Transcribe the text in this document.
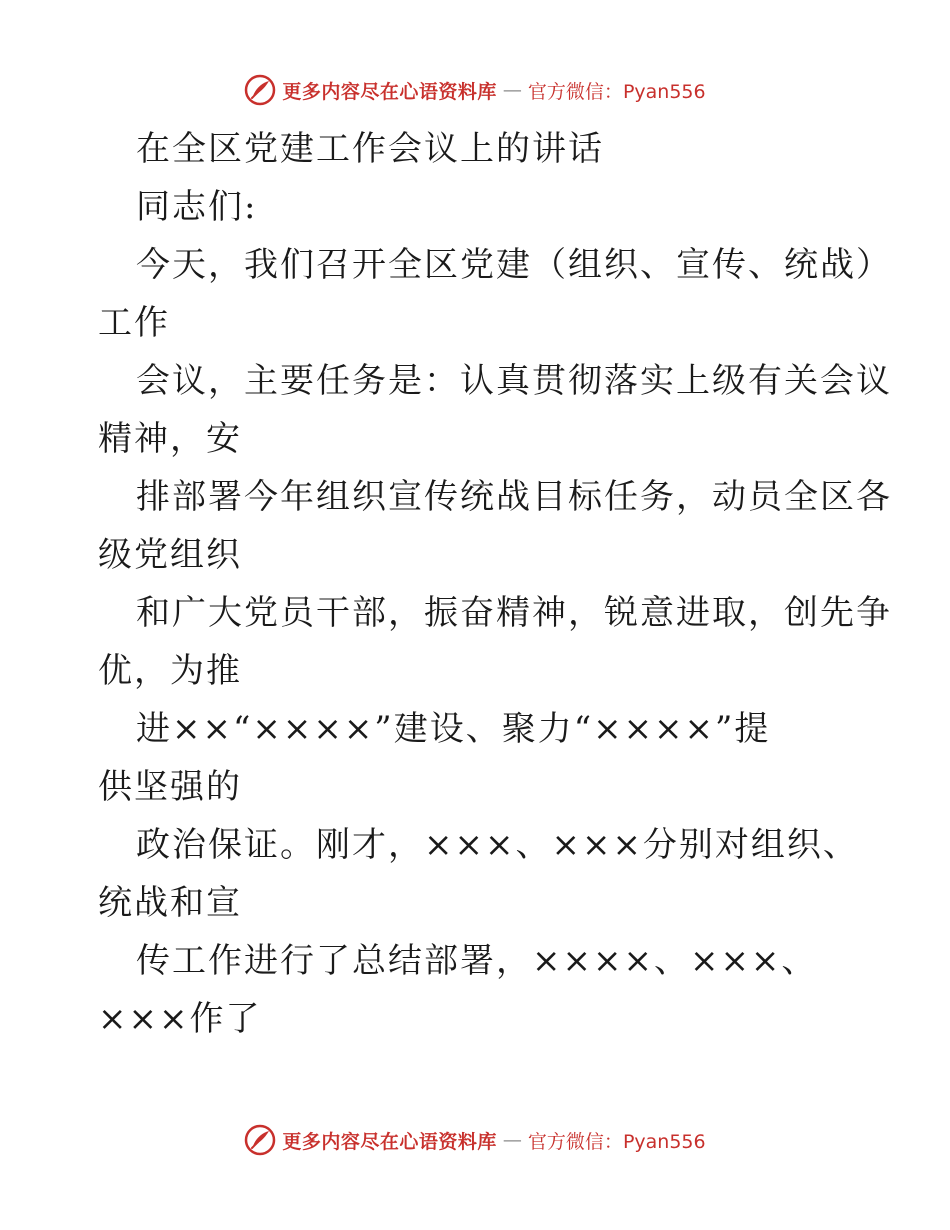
更多内容尽在心语资料库 — 官方微信：Pyan556
在全区党建工作会议上的讲话
同志们:
今天，我们召开全区党建（组织、宣传、统战）
工作
会议，主要任务是：认真贯彻落实上级有关会议
精神，安
排部署今年组织宣传统战目标任务，动员全区各
级党组织
和广大党员干部，振奋精神，锐意进取，创先争
优，为推
进××“××××”建设、聚力“××××”提
供坚强的
政治保证。刚才，×××、×××分别对组织、
统战和宣
传工作进行了总结部署，××××、×××、
×××作了
更多内容尽在心语资料库 — 官方微信：Pyan556
